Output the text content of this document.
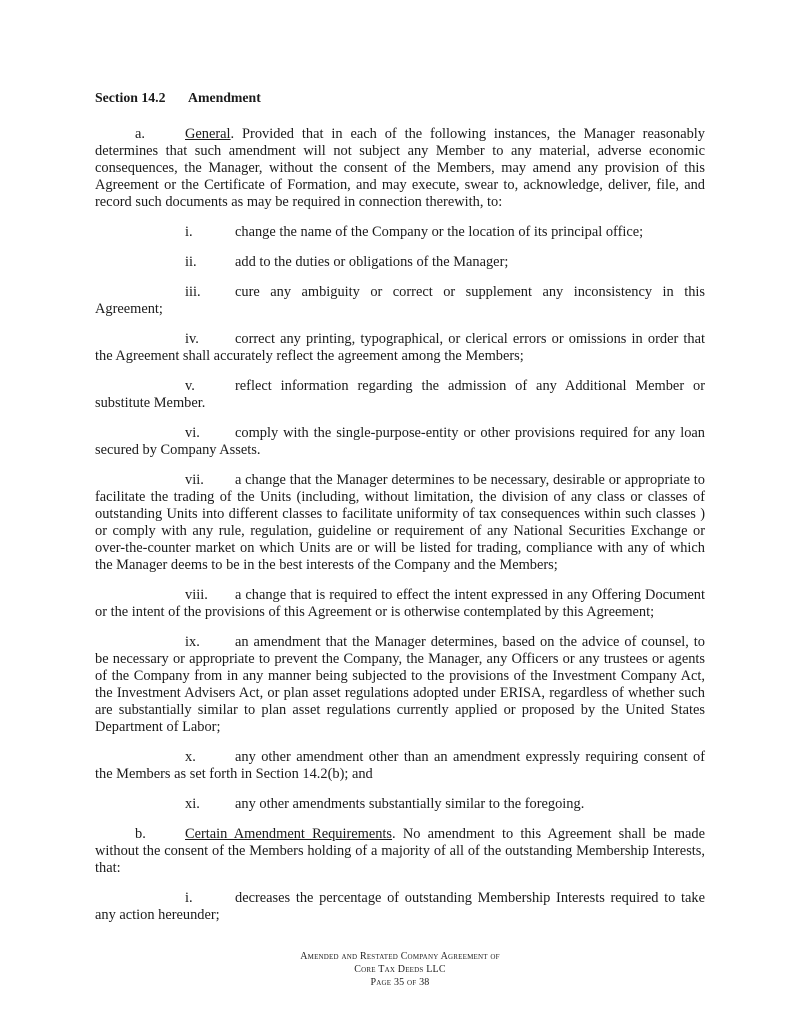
Section 14.2 Amendment

a.	General. Provided that in each of the following instances, the Manager reasonably determines that such amendment will not subject any Member to any material, adverse economic consequences, the Manager, without the consent of the Members, may amend any provision of this Agreement or the Certificate of Formation, and may execute, swear to, acknowledge, deliver, file, and record such documents as may be required in connection therewith, to:

i.	change the name of the Company or the location of its principal office;

ii.	add to the duties or obligations of the Manager;

iii. cure any ambiguity or correct or supplement any inconsistency in this Agreement;

iv.	correct any printing, typographical, or clerical errors or omissions in order that the Agreement shall accurately reflect the agreement among the Members;

v.	reflect information regarding the admission of any Additional Member or substitute Member.

vi. comply with the single-purpose-entity or other provisions required for any loan secured by Company Assets.

vii. a change that the Manager determines to be necessary, desirable or appropriate to facilitate the trading of the Units (including, without limitation, the division of any class or classes of outstanding Units into different classes to facilitate uniformity of tax consequences within such classes ) or comply with any rule, regulation, guideline or requirement of any National Securities Exchange or over-the-counter market on which Units are or will be listed for trading, compliance with any of which the Manager deems to be in the best interests of the Company and the Members;

viii. a change that is required to effect the intent expressed in any Offering Document or the intent of the provisions of this Agreement or is otherwise contemplated by this Agreement;

ix. an amendment that the Manager determines, based on the advice of counsel, to be necessary or appropriate to prevent the Company, the Manager, any Officers or any trustees or agents of the Company from in any manner being subjected to the provisions of the Investment Company Act, the Investment Advisers Act, or plan asset regulations adopted under ERISA, regardless of whether such are substantially similar to plan asset regulations currently applied or proposed by the United States Department of Labor;

x.	any other amendment other than an amendment expressly requiring consent of the Members as set forth in Section 14.2(b); and

xi. any other amendments substantially similar to the foregoing.

b.	Certain Amendment Requirements. No amendment to this Agreement shall be made without the consent of the Members holding of a majority of all of the outstanding Membership Interests, that:

i.	decreases the percentage of outstanding Membership Interests required to take any action hereunder;

Amended and Restated Company Agreement of
Core Tax Deeds LLC
Page 35 of 38
